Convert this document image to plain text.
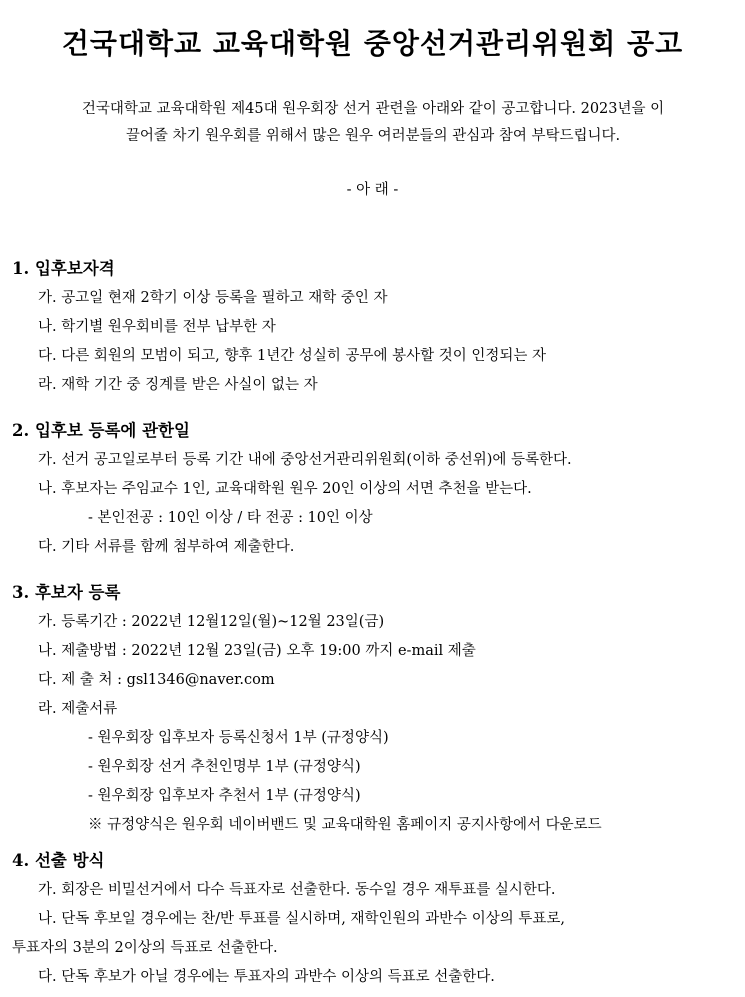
건국대학교 교육대학원 중앙선거관리위원회 공고
건국대학교 교육대학원 제45대 원우회장 선거 관련을 아래와 같이 공고합니다. 2023년을 이
끌어줄 차기 원우회를 위해서 많은 원우 여러분들의 관심과 참여 부탁드립니다.
- 아 래 -
1. 입후보자격
가. 공고일 현재 2학기 이상 등록을 필하고 재학 중인 자
나. 학기별 원우회비를 전부 납부한 자
다. 다른 회원의 모범이 되고, 향후 1년간 성실히 공무에 봉사할 것이 인정되는 자
라. 재학 기간 중 징계를 받은 사실이 없는 자
2. 입후보 등록에 관한일
가. 선거 공고일로부터 등록 기간 내에 중앙선거관리위원회(이하 중선위)에 등록한다.
나. 후보자는 주임교수 1인, 교육대학원 원우 20인 이상의 서면 추천을 받는다.
- 본인전공 : 10인 이상 / 타 전공 : 10인 이상
다. 기타 서류를 함께 첨부하여 제출한다.
3. 후보자 등록
가. 등록기간 : 2022년 12월12일(월)~12월 23일(금)
나. 제출방법 : 2022년 12월 23일(금) 오후 19:00 까지 e-mail 제출
다. 제 출 처 : gsl1346@naver.com
라. 제출서류
- 원우회장 입후보자 등록신청서 1부 (규정양식)
- 원우회장 선거 추천인명부 1부 (규정양식)
- 원우회장 입후보자 추천서 1부 (규정양식)
※ 규정양식은 원우회 네이버밴드 및 교육대학원 홈페이지 공지사항에서 다운로드
4. 선출 방식
가. 회장은 비밀선거에서 다수 득표자로 선출한다. 동수일 경우 재투표를 실시한다.
나. 단독 후보일 경우에는 찬/반 투표를 실시하며, 재학인원의 과반수 이상의 투표로,
투표자의 3분의 2이상의 득표로 선출한다.
다. 단독 후보가 아닐 경우에는 투표자의 과반수 이상의 득표로 선출한다.
